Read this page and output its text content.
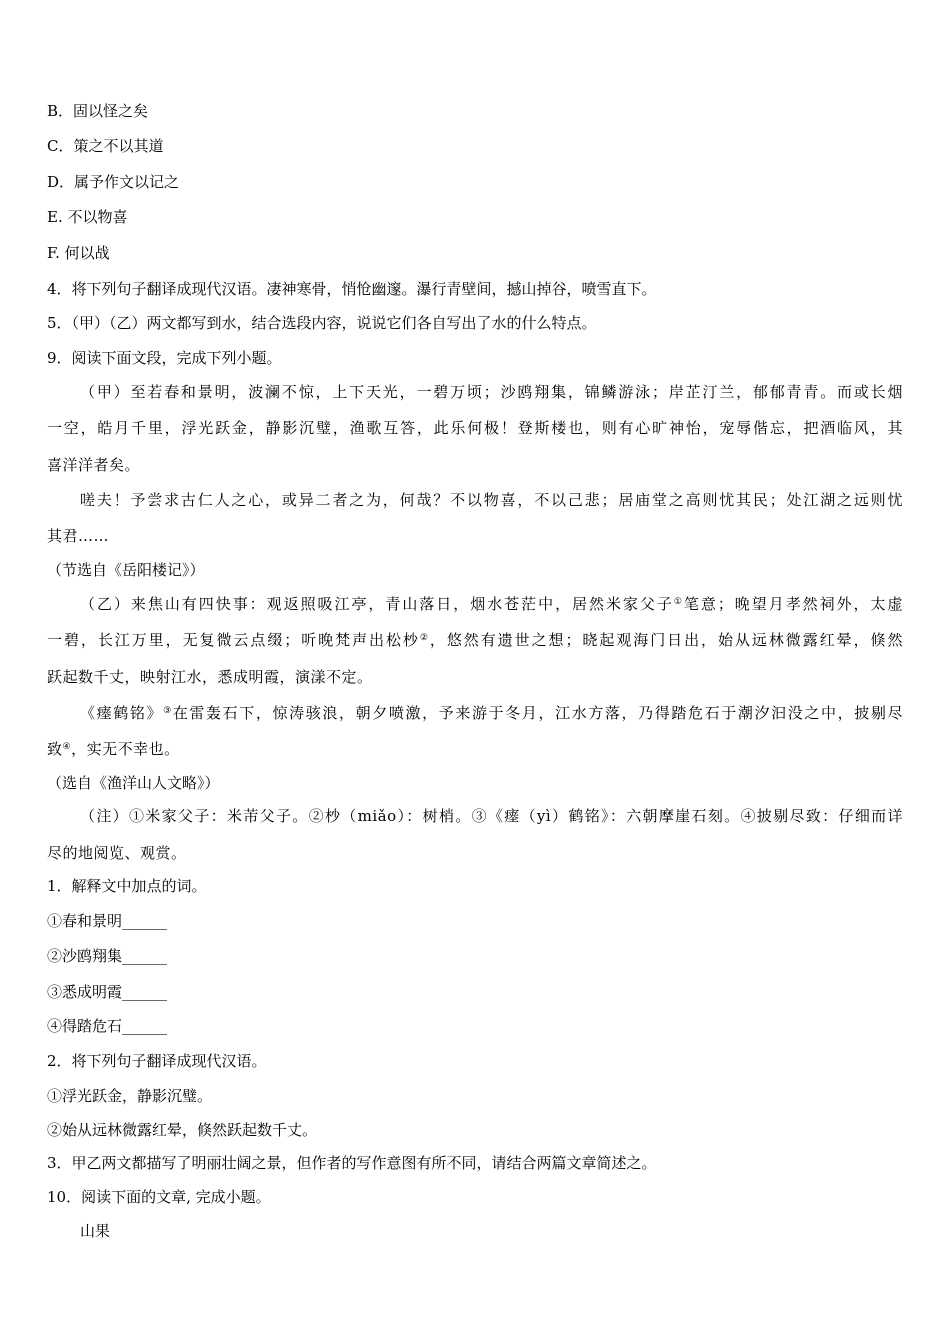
B．固以怪之矣
C．策之不以其道
D．属予作文以记之
E. 不以物喜
F. 何以战
4．将下列句子翻译成现代汉语。凄神寒骨，悄怆幽邃。瀑行青壁间，撼山掉谷，喷雪直下。
5．（甲）（乙）两文都写到水，结合选段内容，说说它们各自写出了水的什么特点。
9．阅读下面文段，完成下列小题。
（甲）至若春和景明，波澜不惊，上下天光，一碧万顷；沙鸥翔集，锦鳞游泳；岸芷汀兰，郁郁青青。而或长烟
一空，皓月千里，浮光跃金，静影沉璧，渔歌互答，此乐何极！登斯楼也，则有心旷神怡，宠辱偕忘，把酒临风，其
喜洋洋者矣。
嗟夫！予尝求古仁人之心，或异二者之为，何哉？不以物喜，不以己悲；居庙堂之高则忧其民；处江湖之远则忧
其君……
（节选自《岳阳楼记》）
（乙）来焦山有四快事：观返照吸江亭，青山落日，烟水苍茫中，居然米家父子①笔意；晚望月孝然祠外，太虚
一碧，长江万里，无复微云点缀；听晚梵声出松杪②，悠然有遗世之想；晓起观海门日出，始从远林微露红晕，倏然
跃起数千丈，映射江水，悉成明霞，演漾不定。
《瘗鹤铭》③在雷轰石下，惊涛骇浪，朝夕喷激，予来游于冬月，江水方落，乃得踏危石于潮汐汩没之中，披剔尽
致④，实无不幸也。
（选自《渔洋山人文略》）
（注）①米家父子：米芾父子。②杪（miǎo）：树梢。③《瘗（yì）鹤铭》：六朝摩崖石刻。④披剔尽致：仔细而详
尽的地阅览、观赏。
1．解释文中加点的词。
①春和景明______
②沙鸥翔集______
③悉成明霞______
④得踏危石______
2．将下列句子翻译成现代汉语。
①浮光跃金，静影沉璧。
②始从远林微露红晕，倏然跃起数千丈。
3．甲乙两文都描写了明丽壮阔之景，但作者的写作意图有所不同，请结合两篇文章简述之。
10．阅读下面的文章, 完成小题。
山果
